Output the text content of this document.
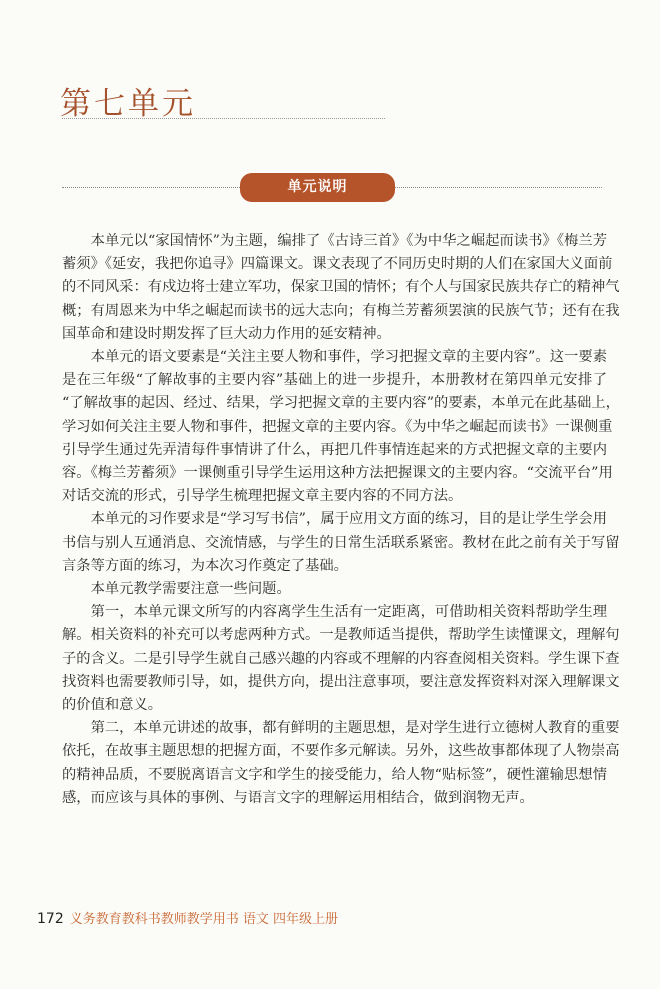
第七单元
单元说明
　　本单元以“家国情怀”为主题，编排了《古诗三首》《为中华之崛起而读书》《梅兰芳
蓄须》《延安，我把你追寻》四篇课文。课文表现了不同历史时期的人们在家国大义面前
的不同风采：有戍边将士建立军功，保家卫国的情怀；有个人与国家民族共存亡的精神气
概；有周恩来为中华之崛起而读书的远大志向；有梅兰芳蓄须罢演的民族气节；还有在我
国革命和建设时期发挥了巨大动力作用的延安精神。
　　本单元的语文要素是“关注主要人物和事件，学习把握文章的主要内容”。这一要素
是在三年级“了解故事的主要内容”基础上的进一步提升，本册教材在第四单元安排了
“了解故事的起因、经过、结果，学习把握文章的主要内容”的要素，本单元在此基础上，
学习如何关注主要人物和事件，把握文章的主要内容。《为中华之崛起而读书》一课侧重
引导学生通过先弄清每件事情讲了什么，再把几件事情连起来的方式把握文章的主要内
容。《梅兰芳蓄须》一课侧重引导学生运用这种方法把握课文的主要内容。“交流平台”用
对话交流的形式，引导学生梳理把握文章主要内容的不同方法。
　　本单元的习作要求是“学习写书信”，属于应用文方面的练习，目的是让学生学会用
书信与别人互通消息、交流情感，与学生的日常生活联系紧密。教材在此之前有关于写留
言条等方面的练习，为本次习作奠定了基础。
　　本单元教学需要注意一些问题。
　　第一，本单元课文所写的内容离学生生活有一定距离，可借助相关资料帮助学生理
解。相关资料的补充可以考虑两种方式。一是教师适当提供，帮助学生读懂课文，理解句
子的含义。二是引导学生就自己感兴趣的内容或不理解的内容查阅相关资料。学生课下查
找资料也需要教师引导，如，提供方向，提出注意事项，要注意发挥资料对深入理解课文
的价值和意义。
　　第二，本单元讲述的故事，都有鲜明的主题思想，是对学生进行立德树人教育的重要
依托，在故事主题思想的把握方面，不要作多元解读。另外，这些故事都体现了人物崇高
的精神品质，不要脱离语言文字和学生的接受能力，给人物“贴标签”，硬性灌输思想情
感，而应该与具体的事例、与语言文字的理解运用相结合，做到润物无声。
172 义务教育教科书教师教学用书 语文 四年级上册
